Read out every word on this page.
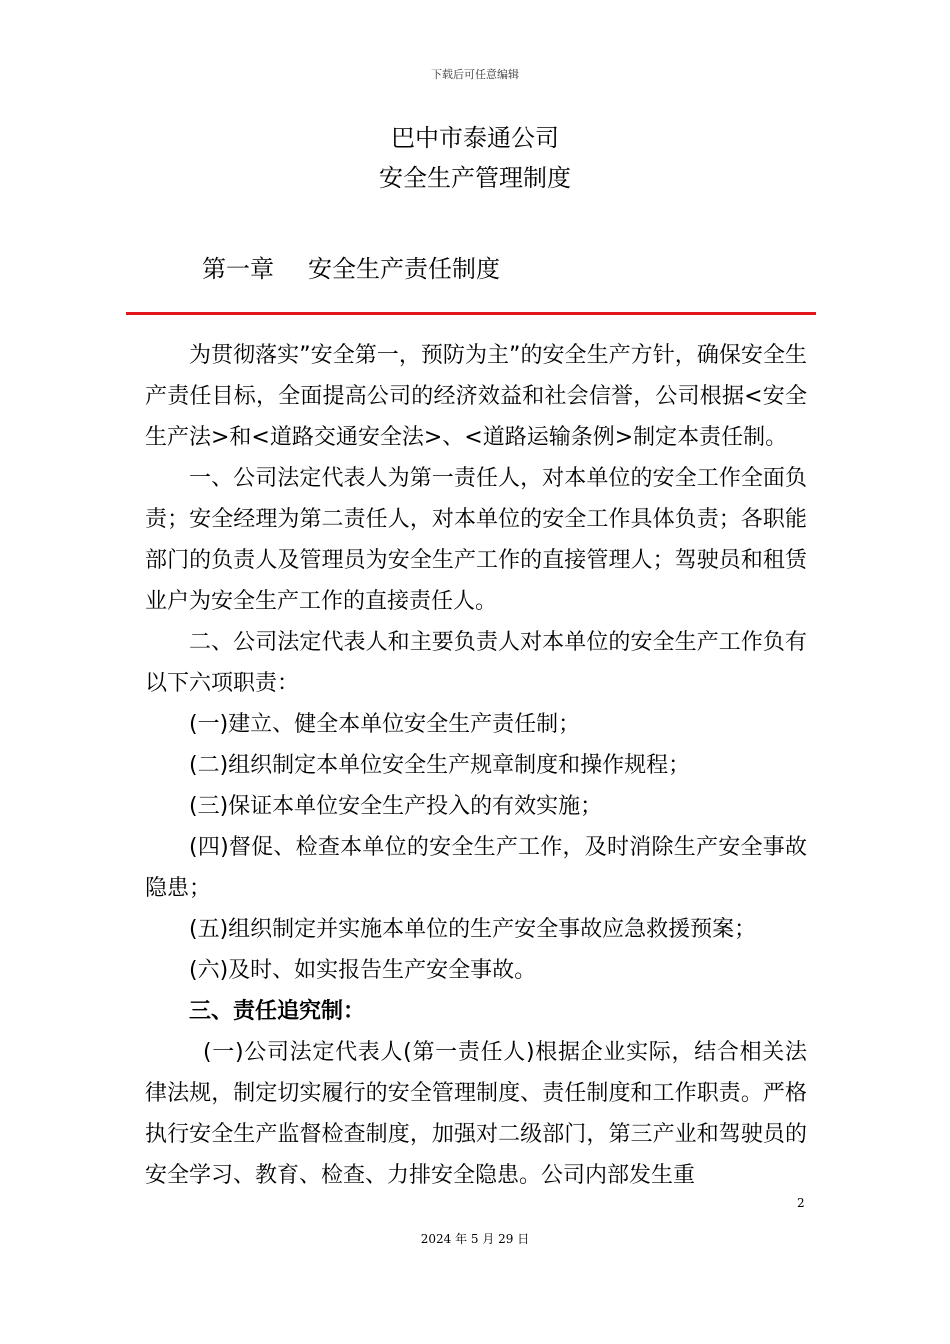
下载后可任意编辑
巴中市泰通公司
安全生产管理制度
第一章 安全生产责任制度

为贯彻落实”安全第一，预防为主”的安全生产方针，确保安全生产责任目标，全面提高公司的经济效益和社会信誉，公司根据<安全生产法>和<道路交通安全法>、<道路运输条例>制定本责任制。

一、公司法定代表人为第一责任人，对本单位的安全工作全面负责；安全经理为第二责任人，对本单位的安全工作具体负责；各职能部门的负责人及管理员为安全生产工作的直接管理人；驾驶员和租赁业户为安全生产工作的直接责任人。

二、公司法定代表人和主要负责人对本单位的安全生产工作负有以下六项职责：

(一)建立、健全本单位安全生产责任制；

(二)组织制定本单位安全生产规章制度和操作规程；

(三)保证本单位安全生产投入的有效实施；

(四)督促、检查本单位的安全生产工作，及时消除生产安全事故隐患；

(五)组织制定并实施本单位的生产安全事故应急救援预案；

(六)及时、如实报告生产安全事故。

三、责任追究制：

(一)公司法定代表人(第一责任人)根据企业实际，结合相关法律法规，制定切实履行的安全管理制度、责任制度和工作职责。严格执行安全生产监督检查制度，加强对二级部门，第三产业和驾驶员的安全学习、教育、检查、力排安全隐患。公司内部发生重

2
2024 年 5 月 29 日
